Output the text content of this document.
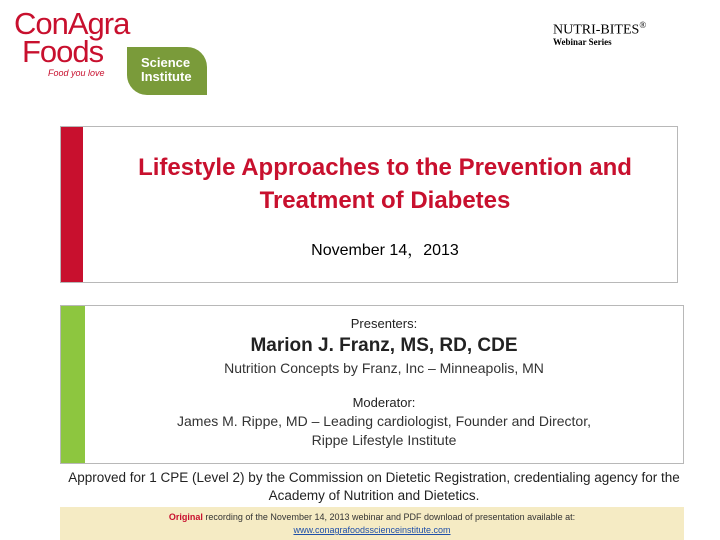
ConAgra
Foods
Food you love
Science Institute
NUTRI-BITES®
Webinar Series
Lifestyle Approaches to the Prevention and Treatment of Diabetes
November 14，2013
Presenters:
Marion J. Franz, MS, RD, CDE
Nutrition Concepts by Franz, Inc – Minneapolis, MN
Moderator:
James M. Rippe, MD – Leading cardiologist, Founder and Director,
Rippe Lifestyle Institute
Approved for 1 CPE (Level 2) by the Commission on Dietetic Registration, credentialing agency for the Academy of Nutrition and Dietetics.
Original recording of the November 14, 2013 webinar and PDF download of presentation available at:
www.conagrafoodsscienceinstitute.com
